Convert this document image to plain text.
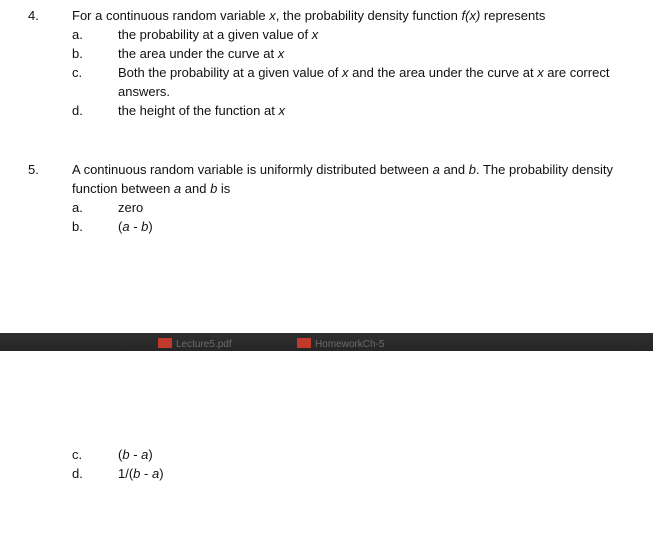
4.	For a continuous random variable x, the probability density function f(x) represents
a.	the probability at a given value of x
b.	the area under the curve at x
c.	Both the probability at a given value of x and the area under the curve at x are correct answers.
d.	the height of the function at x
5.	A continuous random variable is uniformly distributed between a and b. The probability density function between a and b is
a.	zero
b.	(a - b)
Lecture5.pdf	HomeworkCh-5
c.	(b - a)
d.	1/(b - a)
